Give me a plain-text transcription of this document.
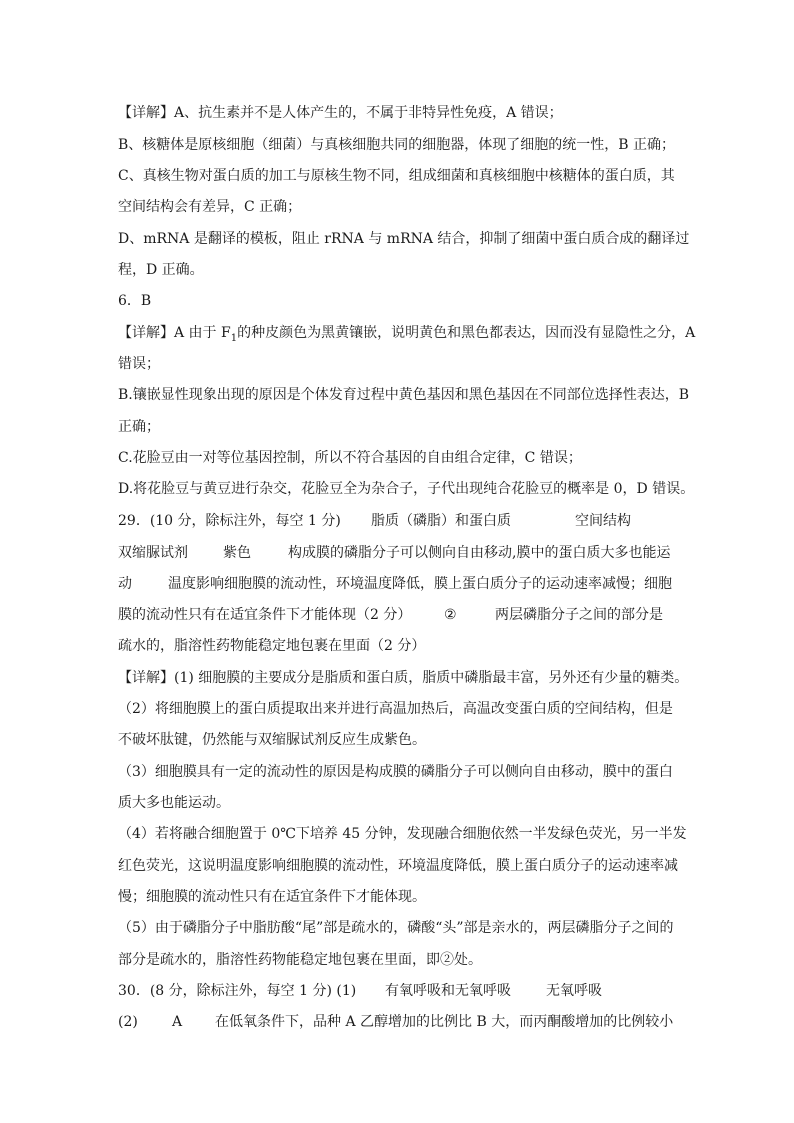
【详解】A、抗生素并不是人体产生的，不属于非特异性免疫，A 错误；
B、核糖体是原核细胞（细菌）与真核细胞共同的细胞器，体现了细胞的统一性，B 正确；
C、真核生物对蛋白质的加工与原核生物不同，组成细菌和真核细胞中核糖体的蛋白质，其
空间结构会有差异，C 正确；
D、mRNA 是翻译的模板，阻止 rRNA 与 mRNA 结合，抑制了细菌中蛋白质合成的翻译过
程，D 正确。
6．B
【详解】A 由于 $F_1$的种皮颜色为黑黄镶嵌，说明黄色和黑色都表达，因而没有显隐性之分，A
错误；
B.镶嵌显性现象出现的原因是个体发育过程中黄色基因和黑色基因在不同部位选择性表达，B
正确；
C.花脸豆由一对等位基因控制，所以不符合基因的自由组合定律，C 错误；
D.将花脸豆与黄豆进行杂交，花脸豆全为杂合子，子代出现纯合花脸豆的概率是 0，D 错误。
29．(10 分，除标注外，每空 1 分) 脂质（磷脂）和蛋白质	空间结构
双缩脲试剂	紫色	构成膜的磷脂分子可以侧向自由移动,膜中的蛋白质大多也能运
动	温度影响细胞膜的流动性，环境温度降低，膜上蛋白质分子的运动速率减慢；细胞
膜的流动性只有在适宜条件下才能体现（2 分） ②	两层磷脂分子之间的部分是
疏水的，脂溶性药物能稳定地包裹在里面（2 分）
【详解】(1) 细胞膜的主要成分是脂质和蛋白质，脂质中磷脂最丰富，另外还有少量的糖类。
（2）将细胞膜上的蛋白质提取出来并进行高温加热后，高温改变蛋白质的空间结构，但是
不破坏肽键，仍然能与双缩脲试剂反应生成紫色。
（3）细胞膜具有一定的流动性的原因是构成膜的磷脂分子可以侧向自由移动，膜中的蛋白
质大多也能运动。
（4）若将融合细胞置于 0℃下培养 45 分钟，发现融合细胞依然一半发绿色荧光，另一半发
红色荧光，这说明温度影响细胞膜的流动性，环境温度降低，膜上蛋白质分子的运动速率减
慢；细胞膜的流动性只有在适宜条件下才能体现。
（5）由于磷脂分子中脂肪酸“尾”部是疏水的，磷酸“头”部是亲水的，两层磷脂分子之间的
部分是疏水的，脂溶性药物能稳定地包裹在里面，即②处。
30．(8 分，除标注外，每空 1 分) (1) 有氧呼吸和无氧呼吸	无氧呼吸
(2) A 在低氧条件下，品种 A 乙醇增加的比例比 B 大，而丙酮酸增加的比例较小
